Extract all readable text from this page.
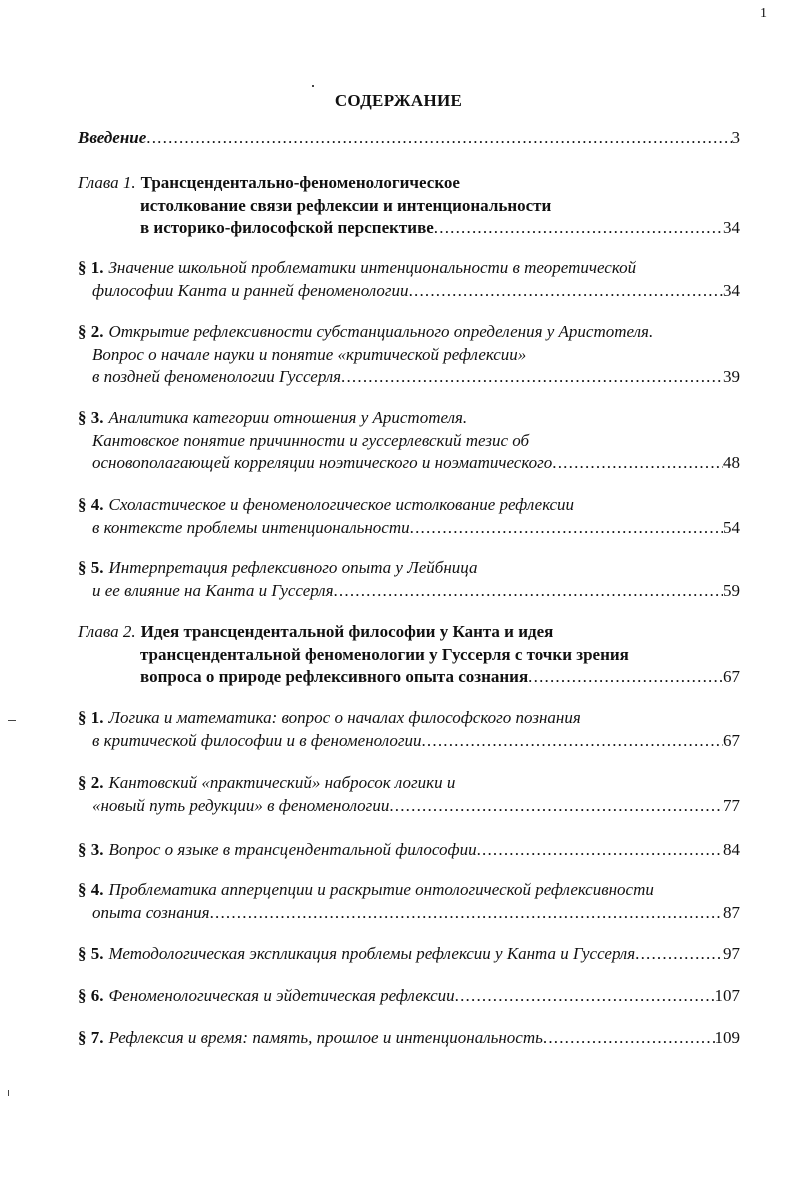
1
СОДЕРЖАНИЕ
Введение .....	3
Глава 1. Трансцендентально-феноменологическое
истолкование связи рефлексии и интенциональности
в историко-философской перспективе .....	34
§ 1. Значение школьной проблематики интенциональности в теоретической
философии Канта и ранней феноменологии .....	34
§ 2. Открытие рефлексивности субстанциального определения у Аристотеля.
Вопрос о начале науки и понятие «критической рефлексии»
в поздней феноменологии Гуссерля .....	39
§ 3. Аналитика категории отношения у Аристотеля.
Кантовское понятие причинности и гуссерлевский тезис об
основополагающей корреляции ноэтического и ноэматического .....	48
§ 4. Схоластическое и феноменологическое истолкование рефлексии
в контексте проблемы интенциональности .....	54
§ 5. Интерпретация рефлексивного опыта у Лейбница
и ее влияние на Канта и Гуссерля .....	59
Глава 2. Идея трансцендентальной философии у Канта и идея
трансцендентальной феноменологии у Гуссерля с точки зрения
вопроса о природе рефлексивного опыта сознания .....	67
§ 1. Логика и математика: вопрос о началах философского познания
в критической философии и в феноменологии .....	67
§ 2. Кантовский «практический» набросок логики и
«новый путь редукции» в феноменологии .....	77
§ 3. Вопрос о языке в трансцендентальной философии .....	84
§ 4. Проблематика апперцепции и раскрытие онтологической рефлексивности
опыта сознания .....	87
§ 5. Методологическая экспликация проблемы рефлексии у Канта и Гуссерля .....	97
§ 6. Феноменологическая и эйдетическая рефлексии .....	107
§ 7. Рефлексия и время: память, прошлое и интенциональность .....	109
